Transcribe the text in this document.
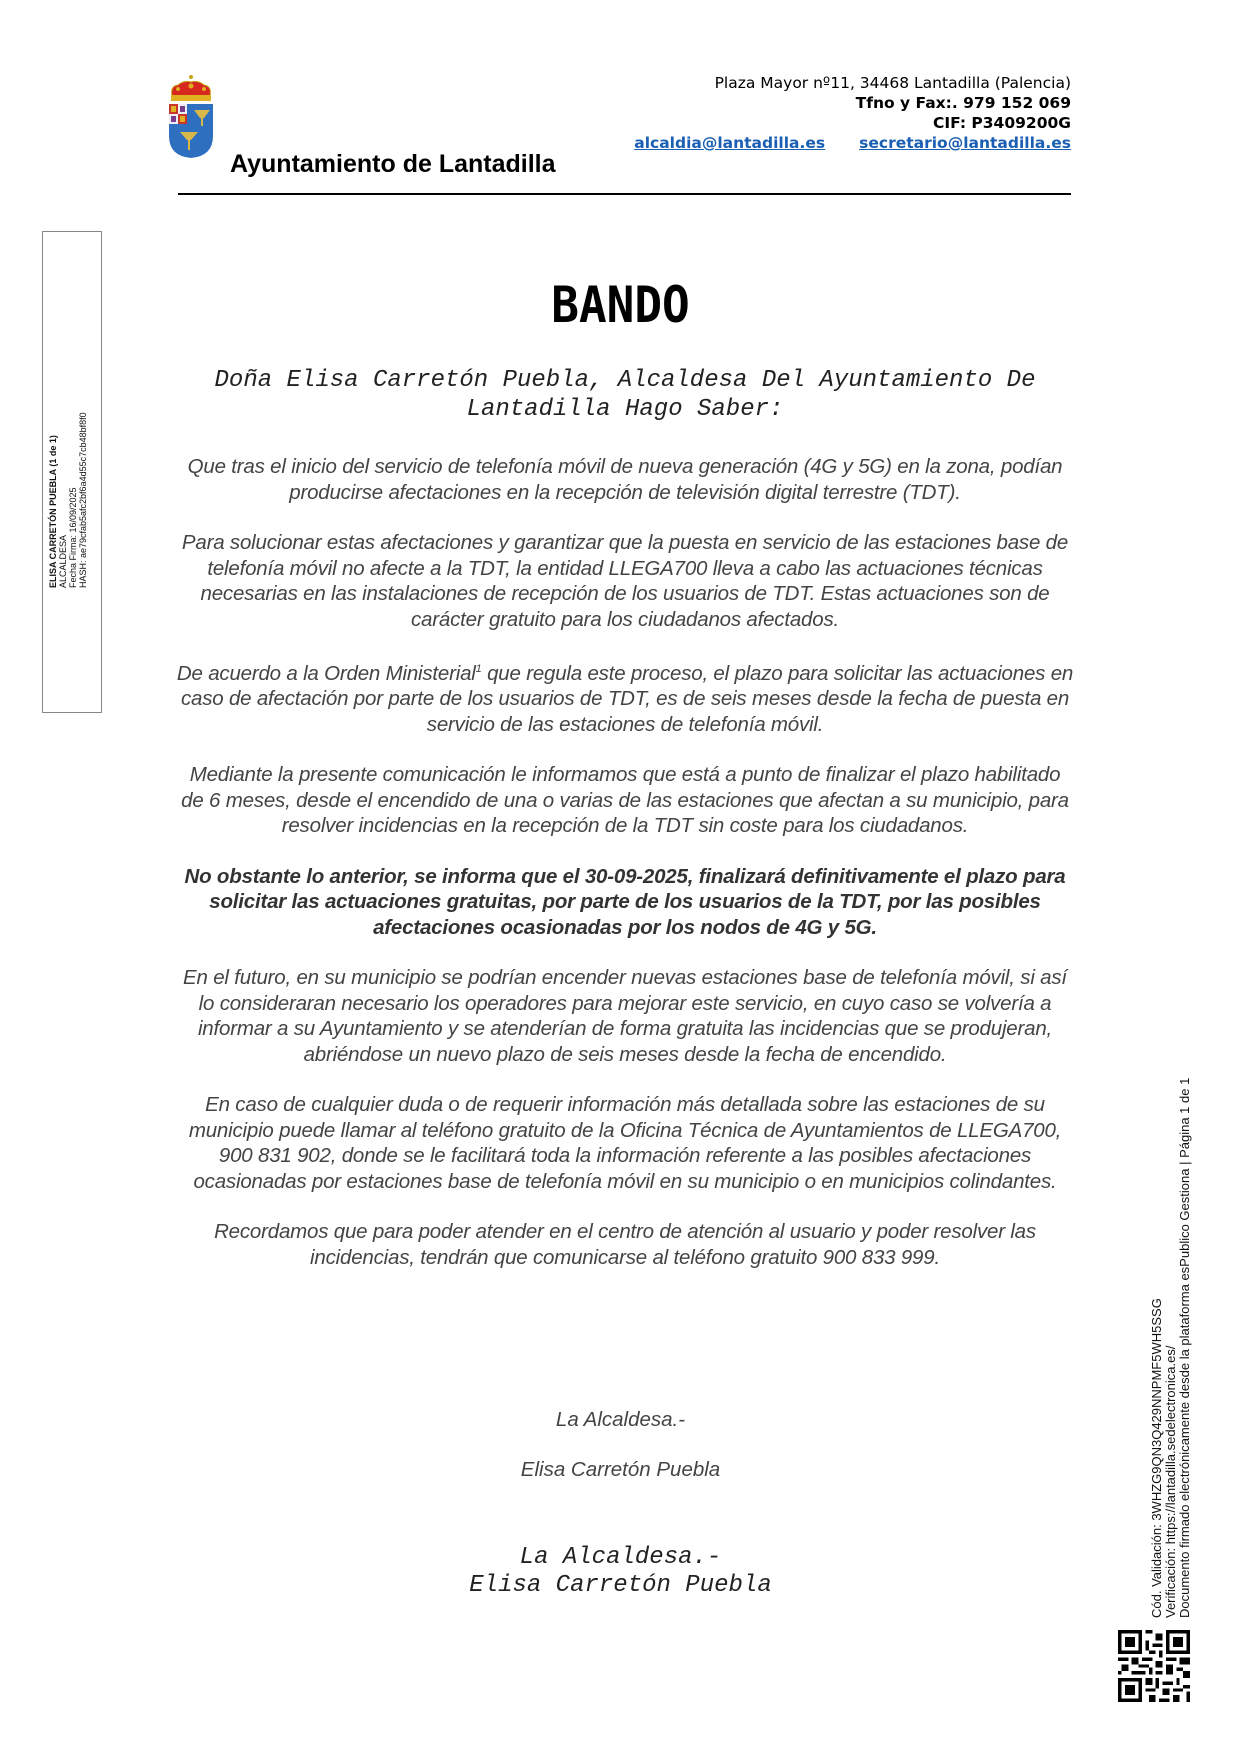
Ayuntamiento de Lantadilla
Plaza Mayor nº11, 34468 Lantadilla (Palencia)
Tfno y Fax:. 979 152 069
CIF: P3409200G
alcaldia@lantadilla.es secretario@lantadilla.es
ELISA CARRETÓN PUEBLA (1 de 1) ALCALDESA Fecha Firma: 16/09/2025 HASH: ae79cfab5afc2bf6a4d55c7cb48bf8f0
BANDO
Doña Elisa Carretón Puebla, Alcaldesa Del Ayuntamiento De Lantadilla Hago Saber:

Que tras el inicio del servicio de telefonía móvil de nueva generación (4G y 5G) en la zona, podían producirse afectaciones en la recepción de televisión digital terrestre (TDT).

Para solucionar estas afectaciones y garantizar que la puesta en servicio de las estaciones base de telefonía móvil no afecte a la TDT, la entidad LLEGA700 lleva a cabo las actuaciones técnicas necesarias en las instalaciones de recepción de los usuarios de TDT. Estas actuaciones son de carácter gratuito para los ciudadanos afectados.

De acuerdo a la Orden Ministerial$^1$ que regula este proceso, el plazo para solicitar las actuaciones en caso de afectación por parte de los usuarios de TDT, es de seis meses desde la fecha de puesta en servicio de las estaciones de telefonía móvil.

Mediante la presente comunicación le informamos que está a punto de finalizar el plazo habilitado de 6 meses, desde el encendido de una o varias de las estaciones que afectan a su municipio, para resolver incidencias en la recepción de la TDT sin coste para los ciudadanos.

No obstante lo anterior, se informa que el 30-09-2025, finalizará definitivamente el plazo para solicitar las actuaciones gratuitas, por parte de los usuarios de la TDT, por las posibles afectaciones ocasionadas por los nodos de 4G y 5G.

En el futuro, en su municipio se podrían encender nuevas estaciones base de telefonía móvil, si así lo consideraran necesario los operadores para mejorar este servicio, en cuyo caso se volvería a informar a su Ayuntamiento y se atenderían de forma gratuita las incidencias que se produjeran, abriéndose un nuevo plazo de seis meses desde la fecha de encendido.

En caso de cualquier duda o de requerir información más detallada sobre las estaciones de su municipio puede llamar al teléfono gratuito de la Oficina Técnica de Ayuntamientos de LLEGA700, 900 831 902, donde se le facilitará toda la información referente a las posibles afectaciones ocasionadas por estaciones base de telefonía móvil en su municipio o en municipios colindantes.

Recordamos que para poder atender en el centro de atención al usuario y poder resolver las incidencias, tendrán que comunicarse al teléfono gratuito 900 833 999.

La Alcaldesa.-
Elisa Carretón Puebla
La Alcaldesa.-
Elisa Carretón Puebla	Cód. Validación: 3WHZG9QN3Q429NNPMF5WH5SSG Verificación: https://lantadilla.sedelectronica.es/ Documento firmado electrónicamente desde la plataforma esPublico Gestiona | Página 1 de 1
